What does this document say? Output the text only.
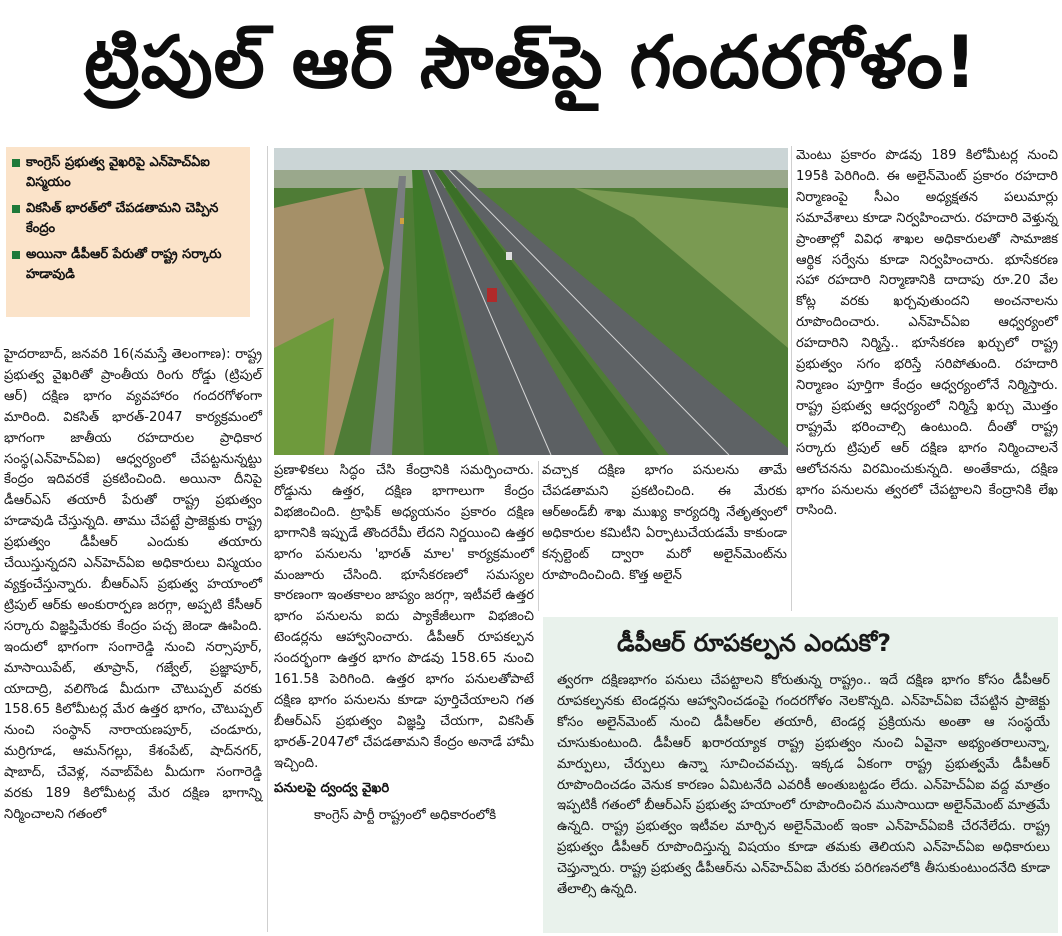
ట్రిపుల్ ఆర్ సౌత్‌పై గందరగోళం!
కాంగ్రెస్ ప్రభుత్వ వైఖరిపై ఎన్‌హెచ్ఏఐ విస్మయం
వికసిత్ భారత్‌లో చేపడతామని చెప్పిన కేంద్రం
అయినా డీపీఆర్ పేరుతో రాష్ట్ర సర్కారు హడావుడి

హైదరాబాద్, జనవరి 16(నమస్తే తెలంగాణ): రాష్ట్ర ప్రభుత్వ వైఖరితో ప్రాంతీయ రింగు రోడ్డు (ట్రిపుల్ ఆర్) దక్షిణ భాగం వ్యవహారం గందరగోళంగా మారింది. వికసిత్ భారత్-2047 కార్యక్రమంలో భాగంగా జాతీయ రహదారుల ప్రాధికార సంస్థ(ఎన్‌హెచ్ఏఐ) ఆధ్వర్యంలో చేపట్టనున్నట్టు కేంద్రం ఇదివరకే ప్రకటించింది. అయినా దీనిపై డీఆర్ఎస్ తయారీ పేరుతో రాష్ట్ర ప్రభుత్వం హడావుడి చేస్తున్నది. తాము చేపట్టే ప్రాజెక్టుకు రాష్ట్ర ప్రభుత్వం డీపీఆర్ ఎందుకు తయారు చేయిస్తున్నదని ఎన్‌హెచ్ఏఐ అధికారులు విస్మయం వ్యక్తంచేస్తున్నారు. బీఆర్ఎస్ ప్రభుత్వ హయాంలో ట్రిపుల్ ఆర్‌కు అంకురార్పణ జరగ్గా, అప్పటి కేసీఆర్ సర్కారు విజ్ఞప్తిమేరకు కేంద్రం పచ్చ జెండా ఊపింది. ఇందులో భాగంగా సంగారెడ్డి నుంచి నర్సాపూర్, మాసాయిపేట్, తూప్రాన్, గజ్వేల్, ప్రజ్ఞాపూర్, యాదాద్రి, వలిగొండ మీదుగా చౌటుప్పల్ వరకు 158.65 కిలోమీటర్ల మేర ఉత్తర భాగం, చౌటుప్పల్ నుంచి సంస్థాన్ నారాయణపూర్, చండూరు, మర్రిగూడ, ఆమన్‌గల్లు, కేశంపేట్, షాద్‌నగర్, షాబాద్, చేవెళ్ల, నవాబ్‌పేట మీదుగా సంగారెడ్డి వరకు 189 కిలోమీటర్ల మేర దక్షిణ భాగాన్ని నిర్మించాలని గతంలో

ప్రణాళికలు సిద్ధం చేసి కేంద్రానికి సమర్పించారు. రోడ్డును ఉత్తర, దక్షిణ భాగాలుగా కేంద్రం విభజించింది. ట్రాఫిక్ అధ్యయనం ప్రకారం దక్షిణ భాగానికి ఇప్పుడే తొందరేమీ లేదని నిర్ణయించి ఉత్తర భాగం పనులను 'భారత్ మాల' కార్యక్రమంలో మంజూరు చేసింది. భూసేకరణలో సమస్యల కారణంగా ఇంతకాలం జాప్యం జరగ్గా, ఇటీవలే ఉత్తర భాగం పనులను ఐదు ప్యాకేజీలుగా విభజించి టెండర్లను ఆహ్వానించారు. డీపీఆర్ రూపకల్పన సందర్భంగా ఉత్తర భాగం పొడవు 158.65 నుంచి 161.5కి పెరిగింది. ఉత్తర భాగం పనులతోపాటే దక్షిణ భాగం పనులను కూడా పూర్తిచేయాలని గత బీఆర్ఎస్ ప్రభుత్వం విజ్ఞప్తి చేయగా, వికసిత్ భారత్-2047లో చేపడతామని కేంద్రం అనాడే హామీ ఇచ్చింది.

పనులపై ద్వంద్వ వైఖరి

కాంగ్రెస్ పార్టీ రాష్ట్రంలో అధికారంలోకి

వచ్చాక దక్షిణ భాగం పనులను తామే చేపడతామని ప్రకటించింది. ఈ మేరకు ఆర్అండ్‌బీ శాఖ ముఖ్య కార్యదర్శి నేతృత్వంలో అధికారుల కమిటీని ఏర్పాటుచేయడమే కాకుండా కన్సల్టెంట్ ద్వారా మరో అలైన్‌మెంట్‌ను రూపొందించింది. కొత్త అలైన్

మెంటు ప్రకారం పొడవు 189 కిలోమీటర్ల నుంచి 195కి పెరిగింది. ఈ అలైన్‌మెంట్ ప్రకారం రహదారి నిర్మాణంపై సీఎం అధ్యక్షతన పలుమార్లు సమావేశాలు కూడా నిర్వహించారు. రహదారి వెళ్తున్న ప్రాంతాల్లో వివిధ శాఖల అధికారులతో సామాజిక ఆర్థిక సర్వేను కూడా నిర్వహించారు. భూసేకరణ సహా రహదారి నిర్మాణానికి దాదాపు రూ.20 వేల కోట్ల వరకు ఖర్చవుతుందని అంచనాలను రూపొందించారు. ఎన్‌హెచ్ఏఐ ఆధ్వర్యంలో రహదారిని నిర్మిస్తే.. భూసేకరణ ఖర్చులో రాష్ట్ర ప్రభుత్వం సగం భరిస్తే సరిపోతుంది. రహదారి నిర్మాణం పూర్తిగా కేంద్రం ఆధ్వర్యంలోనే నిర్మిస్తారు. రాష్ట్ర ప్రభుత్వ ఆధ్వర్యంలో నిర్మిస్తే ఖర్చు మొత్తం రాష్ట్రమే భరించాల్సి ఉంటుంది. దీంతో రాష్ట్ర సర్కారు ట్రిపుల్ ఆర్ దక్షిణ భాగం నిర్మించాలనే ఆలోచనను విరమించుకున్నది. అంతేకాదు, దక్షిణ భాగం పనులను త్వరలో చేపట్టాలని కేంద్రానికి లేఖ రాసింది.

డీపీఆర్ రూపకల్పన ఎందుకో?

త్వరగా దక్షిణభాగం పనులు చేపట్టాలని కోరుతున్న రాష్ట్రం.. ఇదే దక్షిణ భాగం కోసం డీపీఆర్ రూపకల్పనకు టెండర్లను ఆహ్వానించడంపై గందరగోళం నెలకొన్నది. ఎన్‌హెచ్ఏఐ చేపట్టిన ప్రాజెక్టు కోసం అలైన్‌మెంట్ నుంచి డీపీఆర్‌ల తయారీ, టెండర్ల ప్రక్రియను అంతా ఆ సంస్థయే చూసుకుంటుంది. డీపీఆర్ ఖరారయ్యాక రాష్ట్ర ప్రభుత్వం నుంచి ఏవైనా అభ్యంతరాలున్నా, మార్పులు, చేర్పులు ఉన్నా సూచించవచ్చు. ఇక్కడ ఏకంగా రాష్ట్ర ప్రభుత్వమే డీపీఆర్ రూపొందించడం వెనుక కారణం ఏమిటనేది ఎవరికీ అంతుబట్టడం లేదు. ఎన్‌హెచ్ఏఐ వద్ద మాత్రం ఇప్పటికీ గతంలో బీఆర్ఎస్ ప్రభుత్వ హయాంలో రూపొందించిన ముసాయిదా అలైన్‌మెంట్ మాత్రమే ఉన్నది. రాష్ట్ర ప్రభుత్వం ఇటీవల మార్చిన అలైన్‌మెంట్ ఇంకా ఎన్‌హెచ్ఏఐకి చేరనేలేదు. రాష్ట్ర ప్రభుత్వం డీపీఆర్ రూపొందిస్తున్న విషయం కూడా తమకు తెలియని ఎన్‌హెచ్ఏఐ అధికారులు చెప్తున్నారు. రాష్ట్ర ప్రభుత్వ డీపీఆర్‌ను ఎన్‌హెచ్ఏఐ మేరకు పరిగణనలోకి తీసుకుంటుందనేది కూడా తేలాల్సి ఉన్నది.
